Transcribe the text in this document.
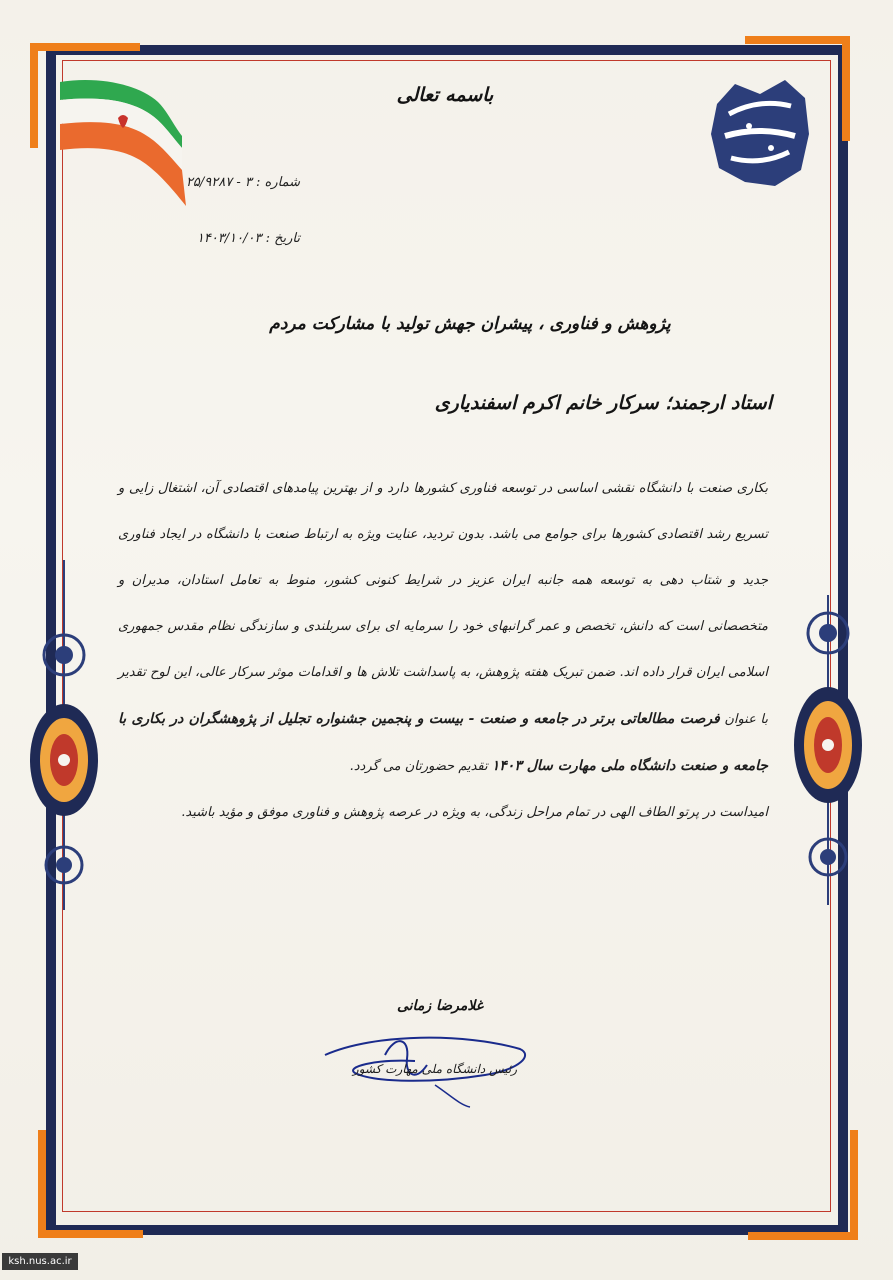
باسمه تعالی
شماره : ۳ - ۲۵/۹۲۸۷
تاریخ : ۱۴۰۳/۱۰/۰۳
پژوهش و فناوری ، پیشران جهش تولید با مشارکت مردم
استاد ارجمند؛ سرکار خانم اکرم اسفندیاری

بکاری صنعت با دانشگاه نقشی اساسی در توسعه فناوری کشورها دارد و از بهترین پیامدهای اقتصادی آن، اشتغال زایی و تسریع رشد اقتصادی کشورها برای جوامع می باشد. بدون تردید، عنایت ویژه به ارتباط صنعت با دانشگاه در ایجاد فناوری جدید و شتاب دهی به توسعه همه جانبه ایران عزیز در شرایط کنونی کشور، منوط به تعامل استادان، مدیران و متخصصانی است که دانش، تخصص و عمر گرانبهای خود را سرمایه ای برای سربلندی و سازندگی نظام مقدس جمهوری اسلامی ایران قرار داده اند. ضمن تبریک هفته پژوهش، به پاسداشت تلاش ها و اقدامات موثر سرکار عالی، این لوح تقدیر با عنوان فرصت مطالعاتی برتر در جامعه و صنعت - بیست و پنجمین جشنواره تجلیل از پژوهشگران در بکاری با جامعه و صنعت دانشگاه ملی مهارت سال ۱۴۰۳ تقدیم حضورتان می گردد.

امیداست در پرتو الطاف الهی در تمام مراحل زندگی، به ویژه در عرصه پژوهش و فناوری موفق و مؤید باشید.

غلامرضا زمانی
رئیس دانشگاه ملی مهارت کشور
ksh.nus.ac.ir
